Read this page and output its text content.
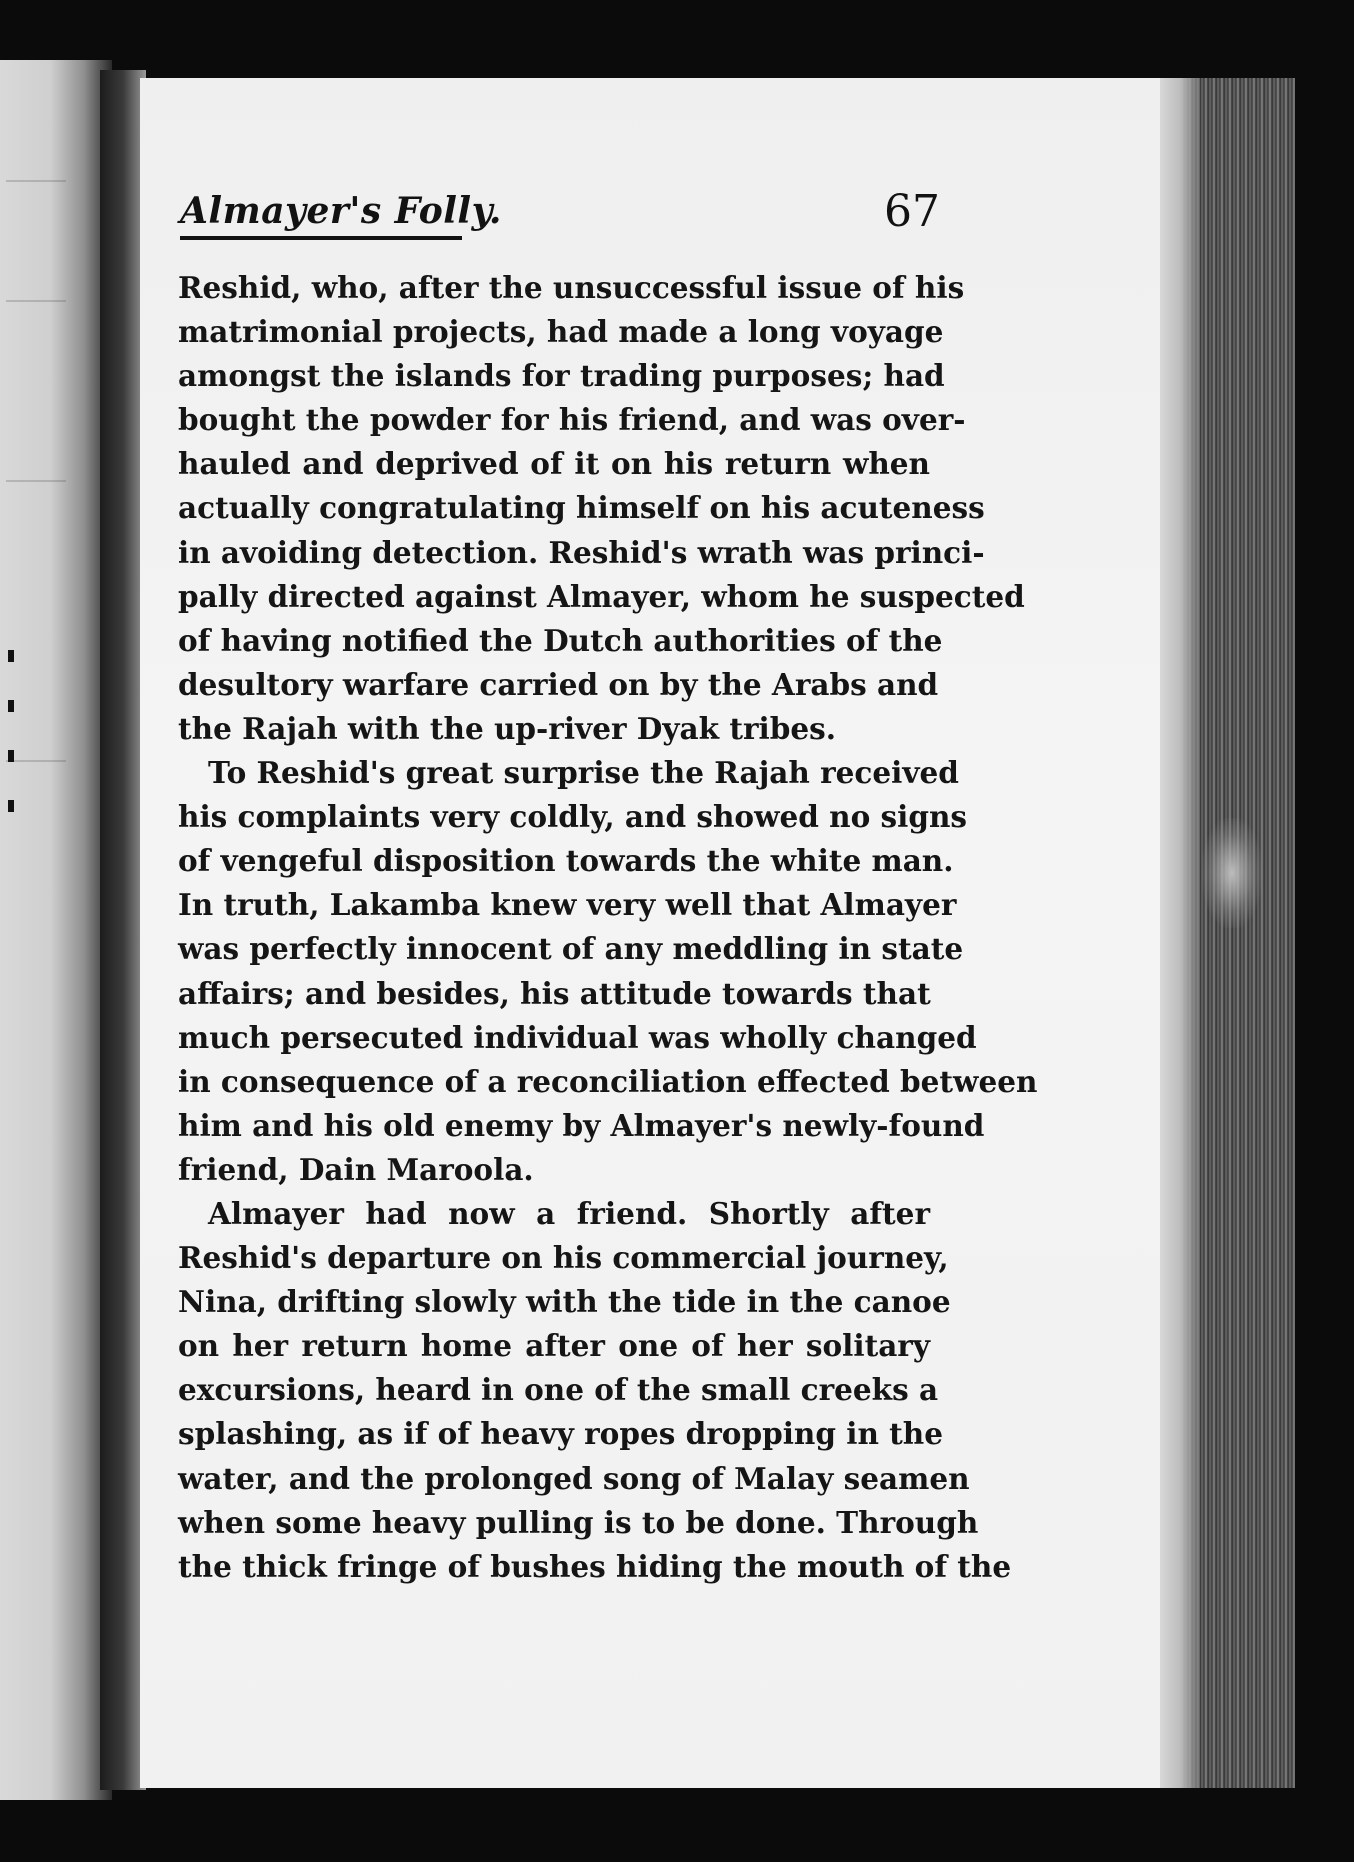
Almayer's Folly.	67
Reshid, who, after the unsuccessful issue of his
matrimonial projects, had made a long voyage
amongst the islands for trading purposes; had
bought the powder for his friend, and was over-
hauled and deprived of it on his return when
actually congratulating himself on his acuteness
in avoiding detection. Reshid's wrath was princi-
pally directed against Almayer, whom he suspected
of having notified the Dutch authorities of the
desultory warfare carried on by the Arabs and
the Rajah with the up-river Dyak tribes.
To Reshid's great surprise the Rajah received
his complaints very coldly, and showed no signs
of vengeful disposition towards the white man.
In truth, Lakamba knew very well that Almayer
was perfectly innocent of any meddling in state
affairs; and besides, his attitude towards that
much persecuted individual was wholly changed
in consequence of a reconciliation effected between
him and his old enemy by Almayer's newly-found
friend, Dain Maroola.
Almayer had now a friend. Shortly after
Reshid's departure on his commercial journey,
Nina, drifting slowly with the tide in the canoe
on her return home after one of her solitary
excursions, heard in one of the small creeks a
splashing, as if of heavy ropes dropping in the
water, and the prolonged song of Malay seamen
when some heavy pulling is to be done. Through
the thick fringe of bushes hiding the mouth of the
